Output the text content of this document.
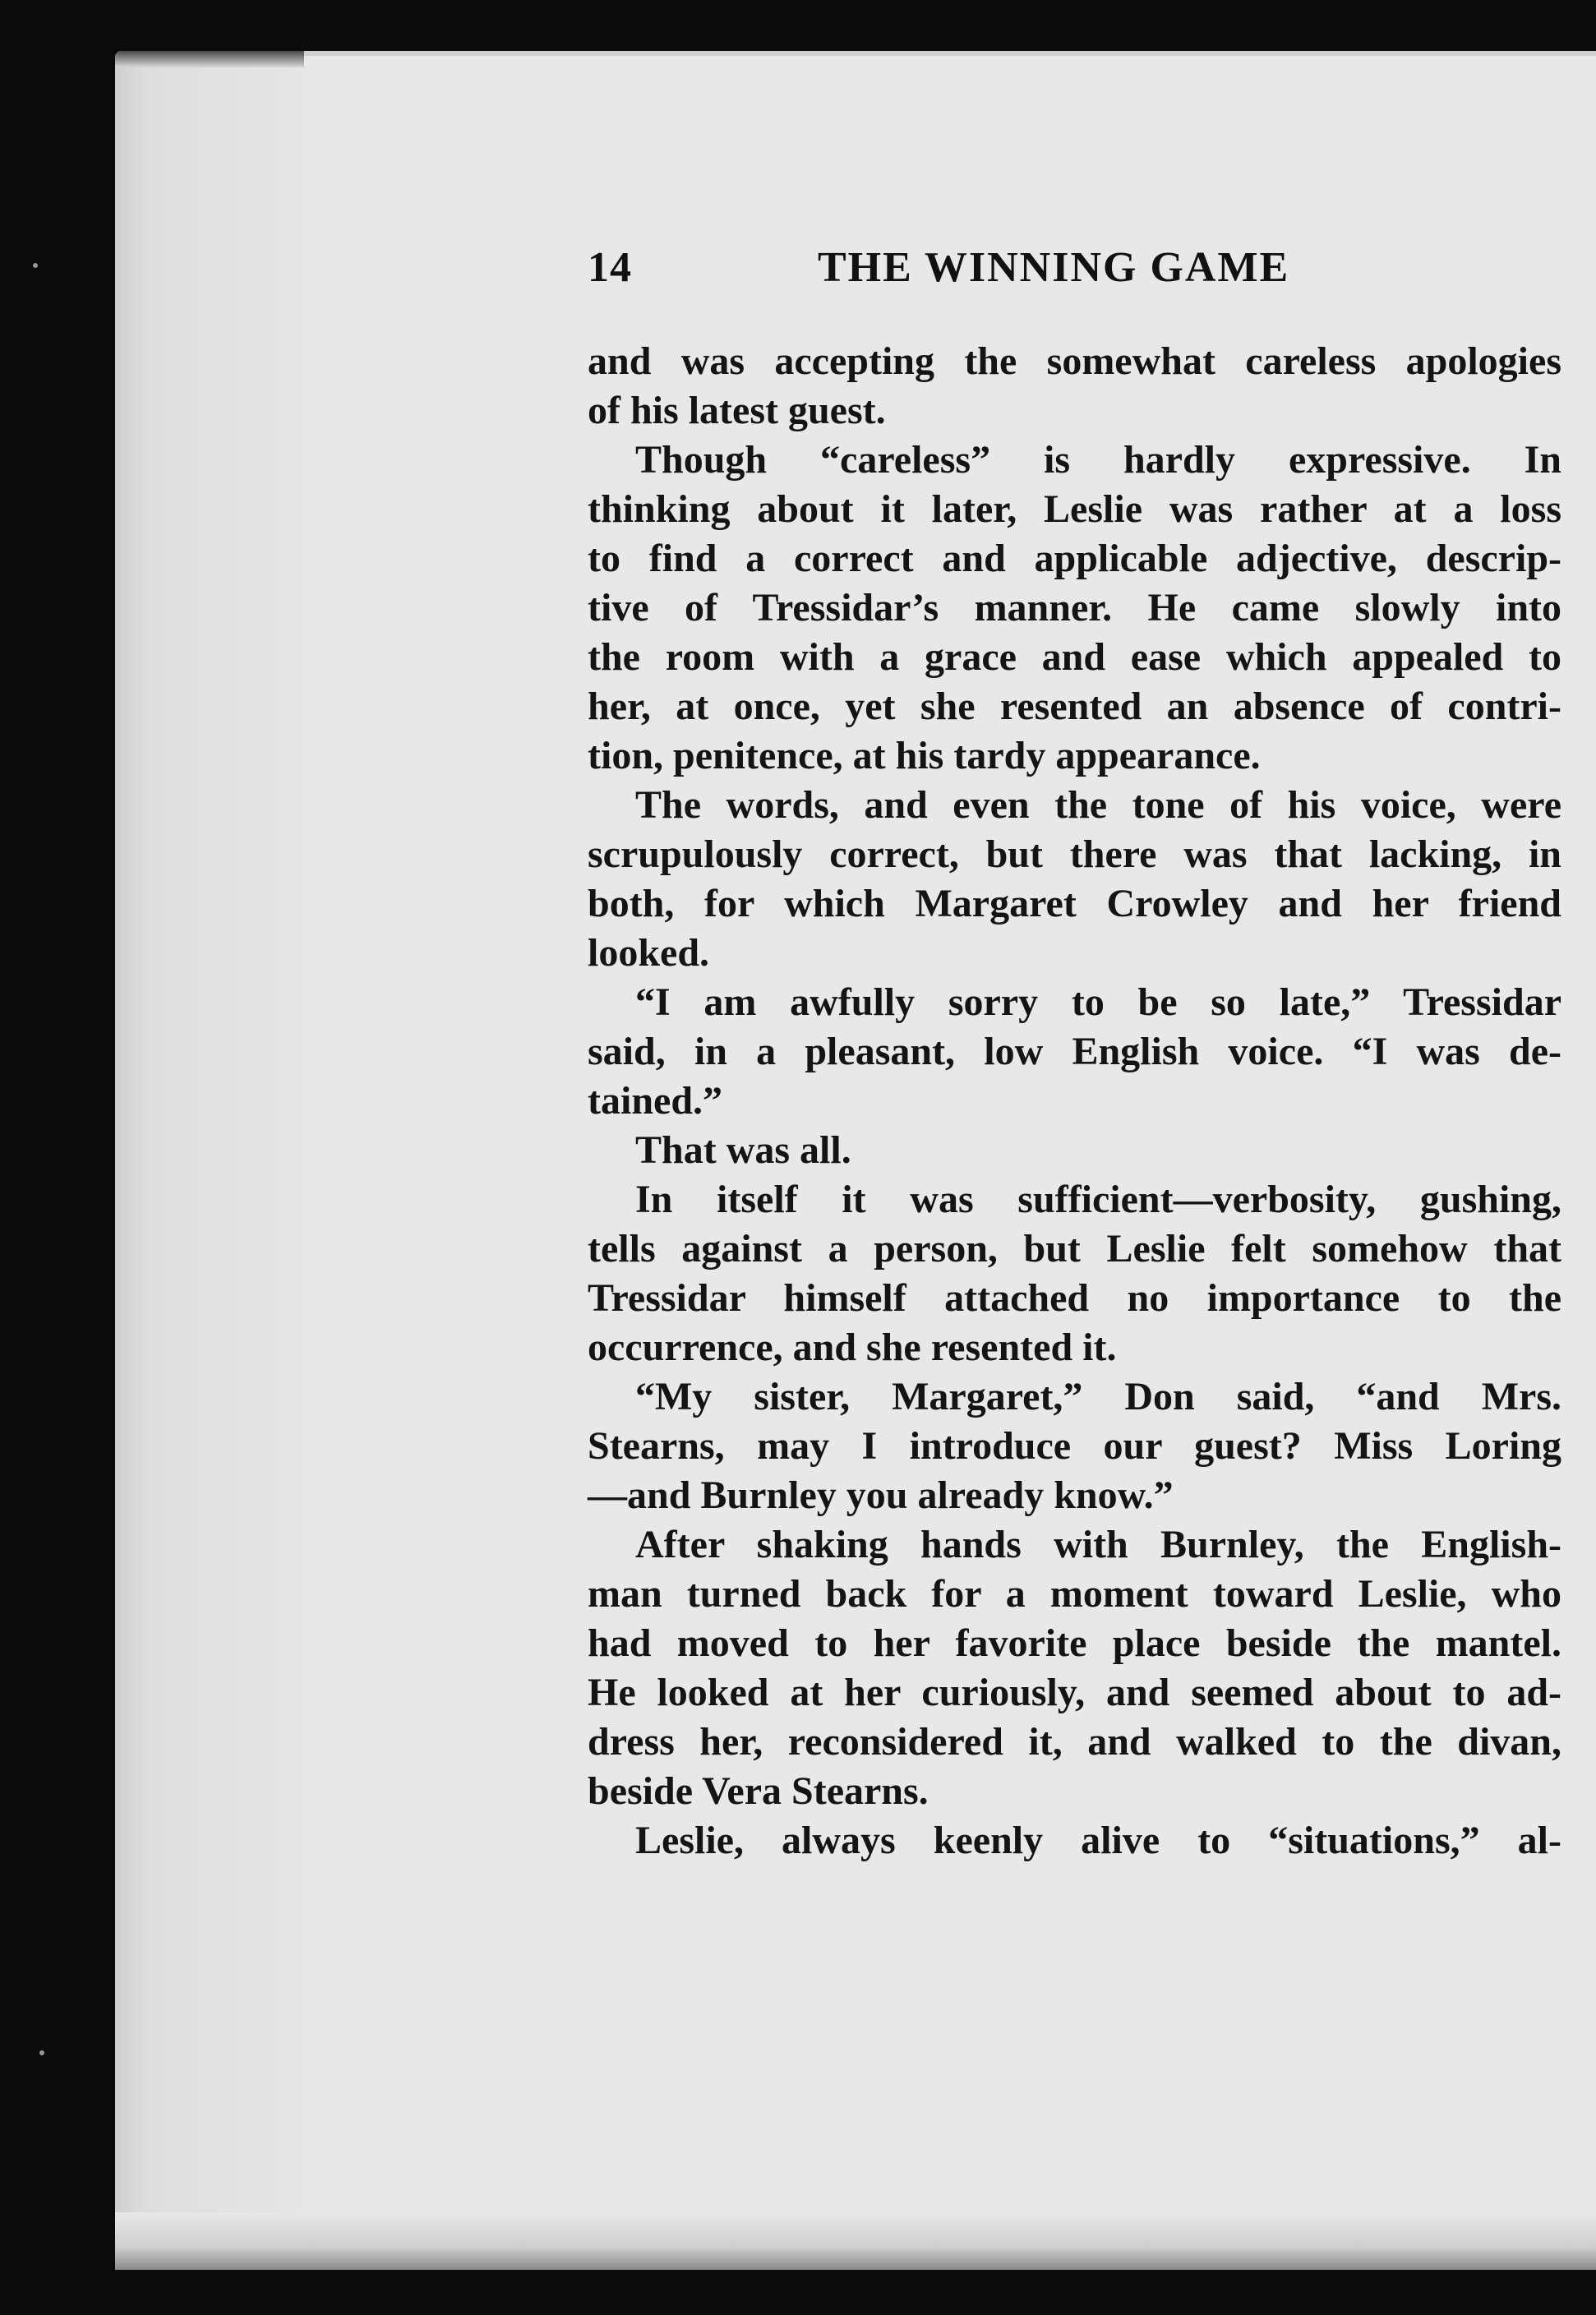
14	THE WINNING GAME
and was accepting the somewhat careless apologies
of his latest guest.
Though “careless” is hardly expressive. In
thinking about it later, Leslie was rather at a loss
to find a correct and applicable adjective, descrip-
tive of Tressidar’s manner. He came slowly into
the room with a grace and ease which appealed to
her, at once, yet she resented an absence of contri-
tion, penitence, at his tardy appearance.
The words, and even the tone of his voice, were
scrupulously correct, but there was that lacking, in
both, for which Margaret Crowley and her friend
looked.
“I am awfully sorry to be so late,” Tressidar
said, in a pleasant, low English voice. “I was de-
tained.”
That was all.
In itself it was sufficient—verbosity, gushing,
tells against a person, but Leslie felt somehow that
Tressidar himself attached no importance to the
occurrence, and she resented it.
“My sister, Margaret,” Don said, “and Mrs.
Stearns, may I introduce our guest? Miss Loring
—and Burnley you already know.”
After shaking hands with Burnley, the English-
man turned back for a moment toward Leslie, who
had moved to her favorite place beside the mantel.
He looked at her curiously, and seemed about to ad-
dress her, reconsidered it, and walked to the divan,
beside Vera Stearns.
Leslie, always keenly alive to “situations,” al-
